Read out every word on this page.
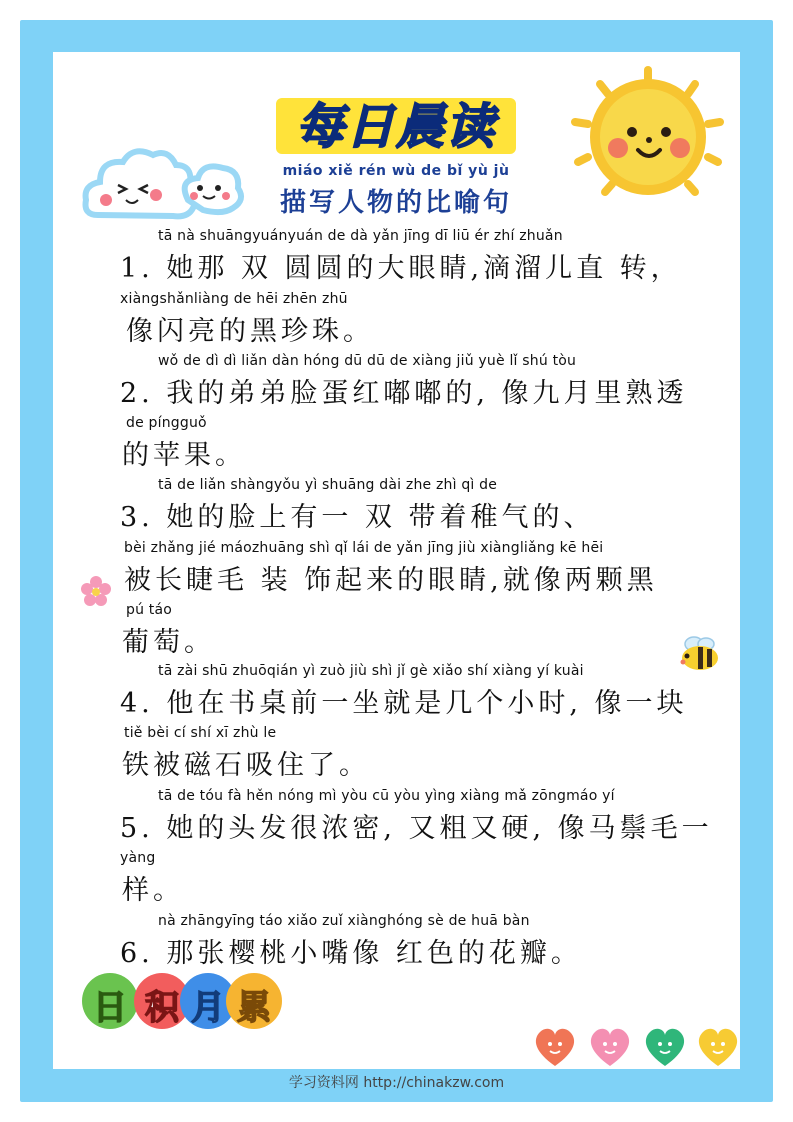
每日晨读
miáo xiě rén wù de bǐ yù jù
描写人物的比喻句
tā nà shuāngyuányuán de dà yǎn jīng dī liū ér zhí zhuǎn
1. 她那 双 圆圆的大眼睛,滴溜儿直 转，
xiàngshǎnliàng de hēi zhēn zhū
像闪亮的黑珍珠。
wǒ de dì dì liǎn dàn hóng dū dū de xiàng jiǔ yuè lǐ shú tòu
2. 我的弟弟脸蛋红嘟嘟的, 像九月里熟透
de píngguǒ
的苹果。
tā de liǎn shàngyǒu yì shuāng dài zhe zhì qì de
3. 她的脸上有一 双 带着稚气的、
bèi zhǎng jié máozhuāng shì qǐ lái de yǎn jīng jiù xiàngliǎng kē hēi
被长睫毛 装 饰起来的眼睛,就像两颗黑
pú táo
葡萄。
tā zài shū zhuōqián yì zuò jiù shì jǐ gè xiǎo shí xiàng yí kuài
4. 他在书桌前一坐就是几个小时, 像一块
tiě bèi cí shí xī zhù le
铁被磁石吸住了。
tā de tóu fà hěn nóng mì yòu cū yòu yìng xiàng mǎ zōngmáo yí
5. 她的头发很浓密, 又粗又硬, 像马鬃毛一
yàng
样。
nà zhāngyīng táo xiǎo zuǐ xiànghóng sè de huā bàn
6. 那张樱桃小嘴像 红色的花瓣。
日 积 月 累
学习资料网 http://chinakzw.com
